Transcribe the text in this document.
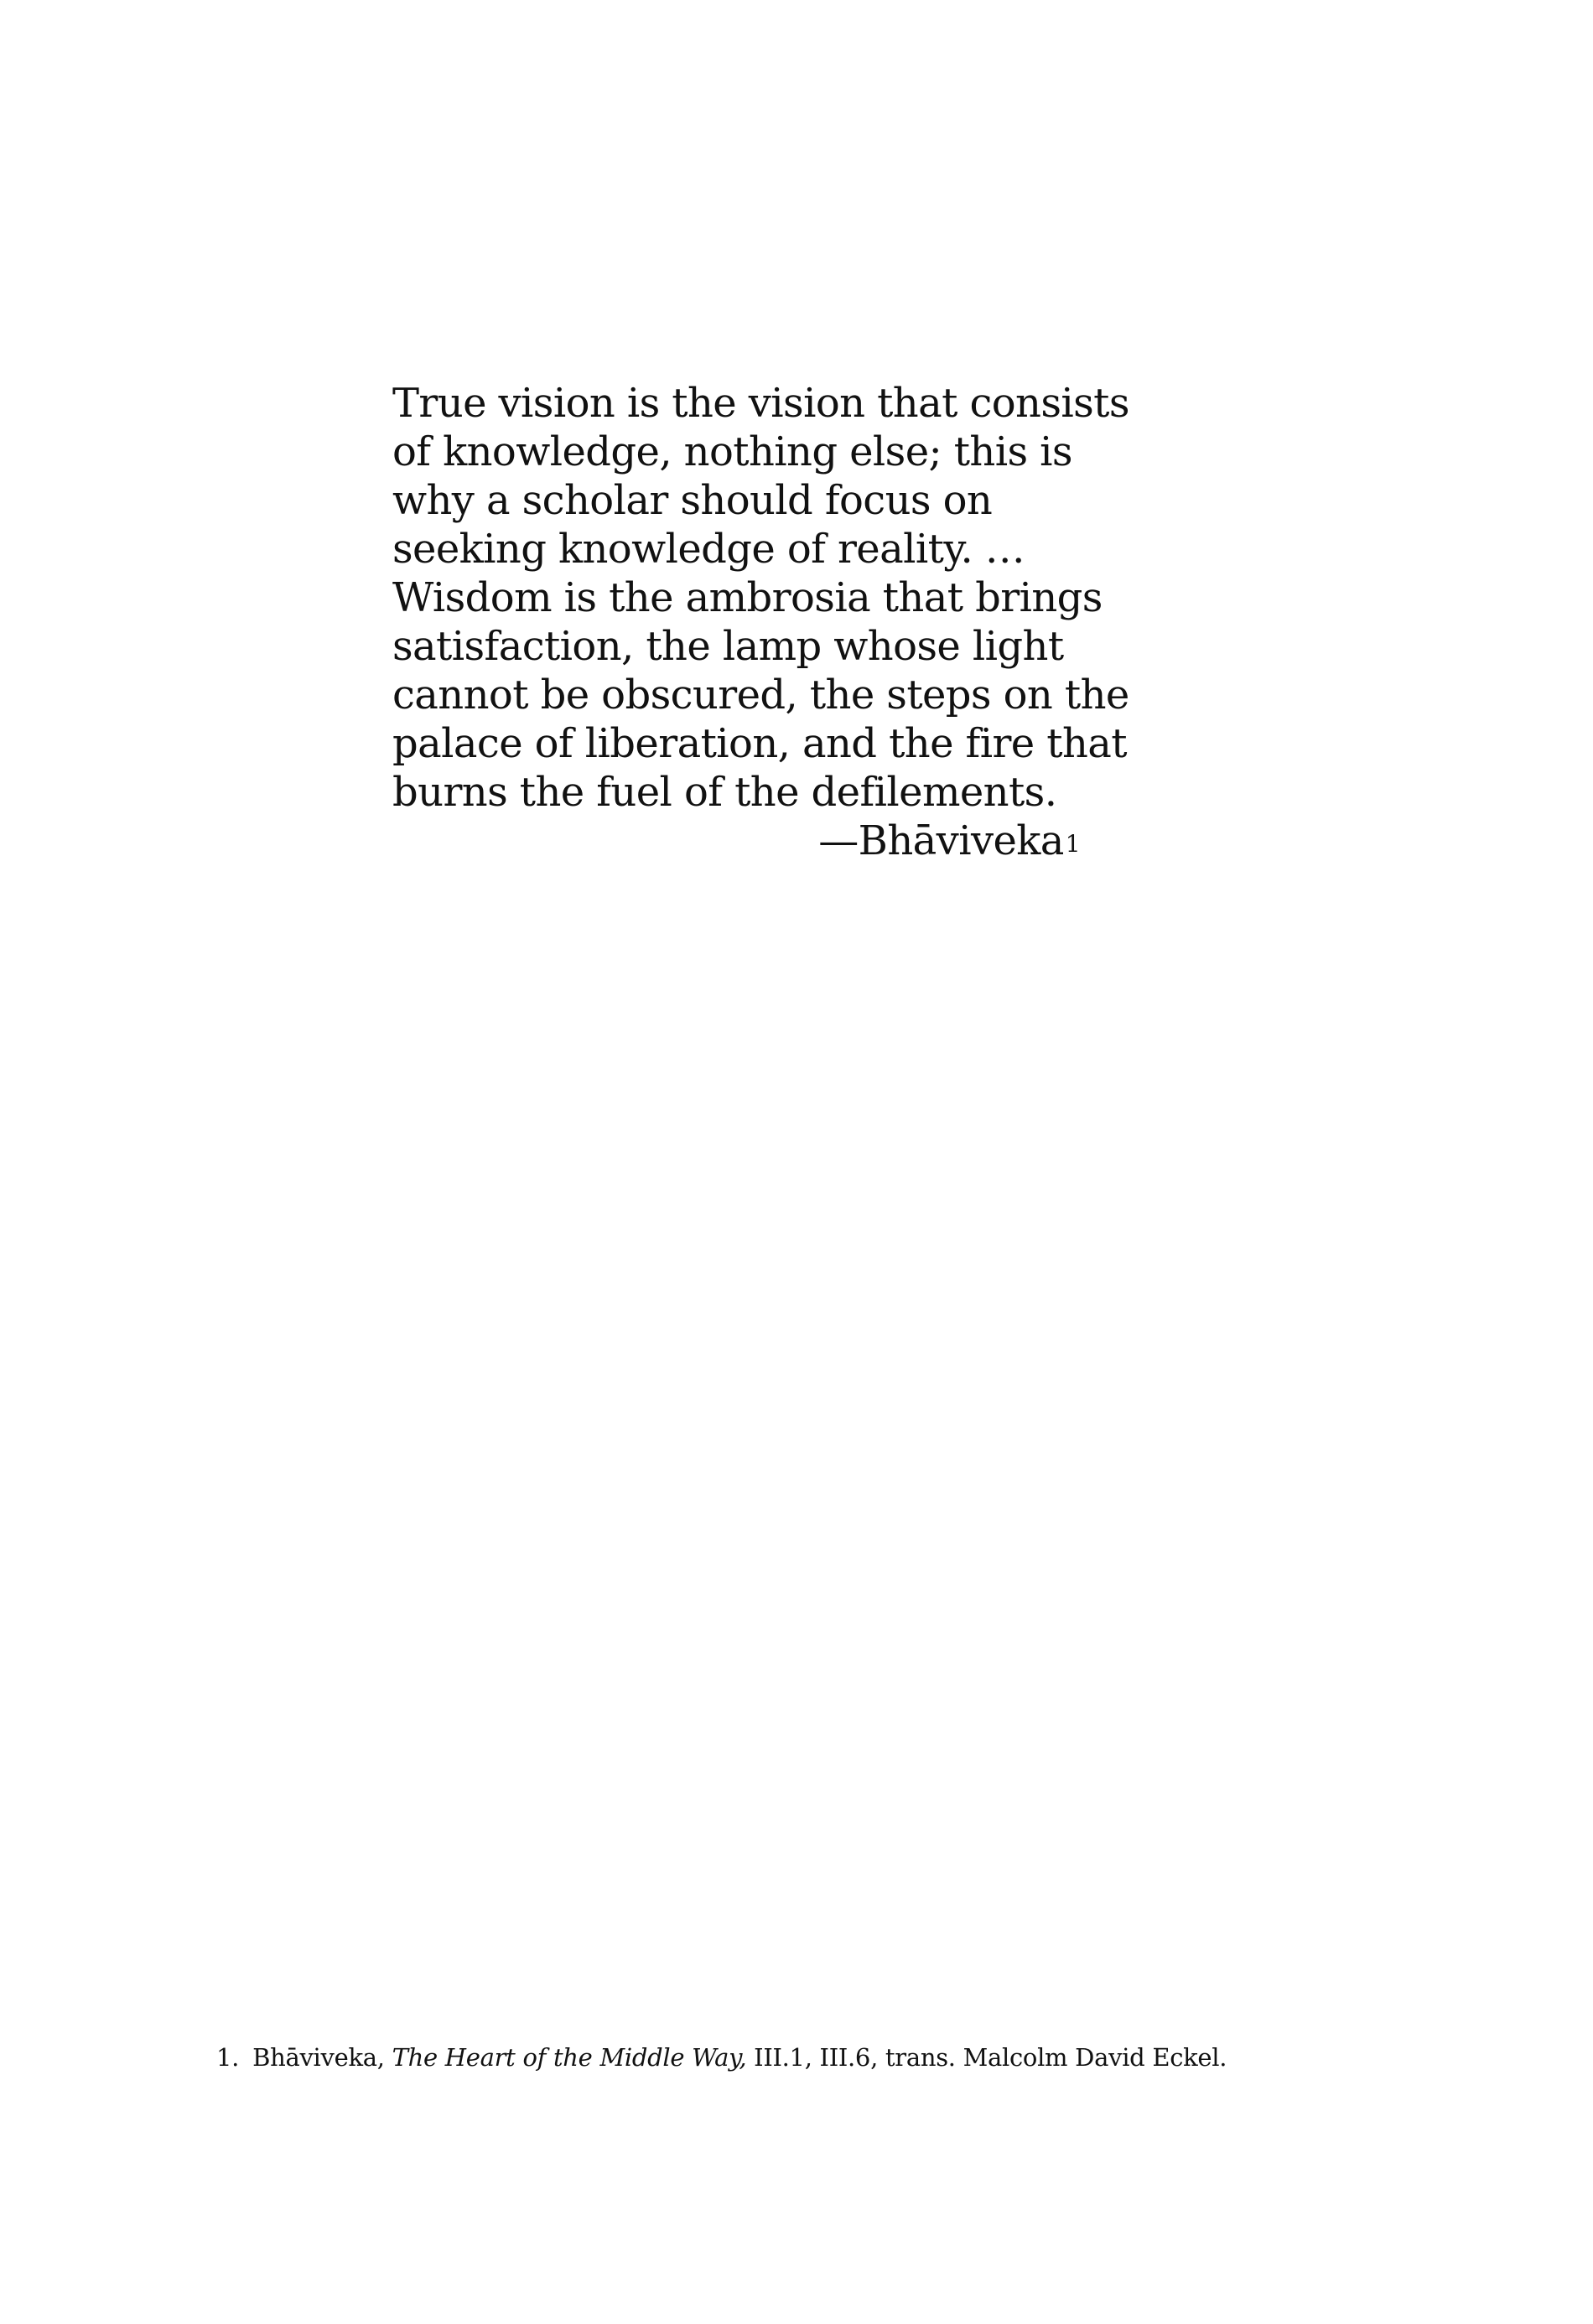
True vision is the vision that consists
of knowledge, nothing else; this is
why a scholar should focus on
seeking knowledge of reality. …
Wisdom is the ambrosia that brings
satisfaction, the lamp whose light
cannot be obscured, the steps on the
palace of liberation, and the fire that
burns the fuel of the defilements.
—Bhāviveka$^1$
1. Bhāviveka, The Heart of the Middle Way, III.1, III.6, trans. Malcolm David Eckel.
